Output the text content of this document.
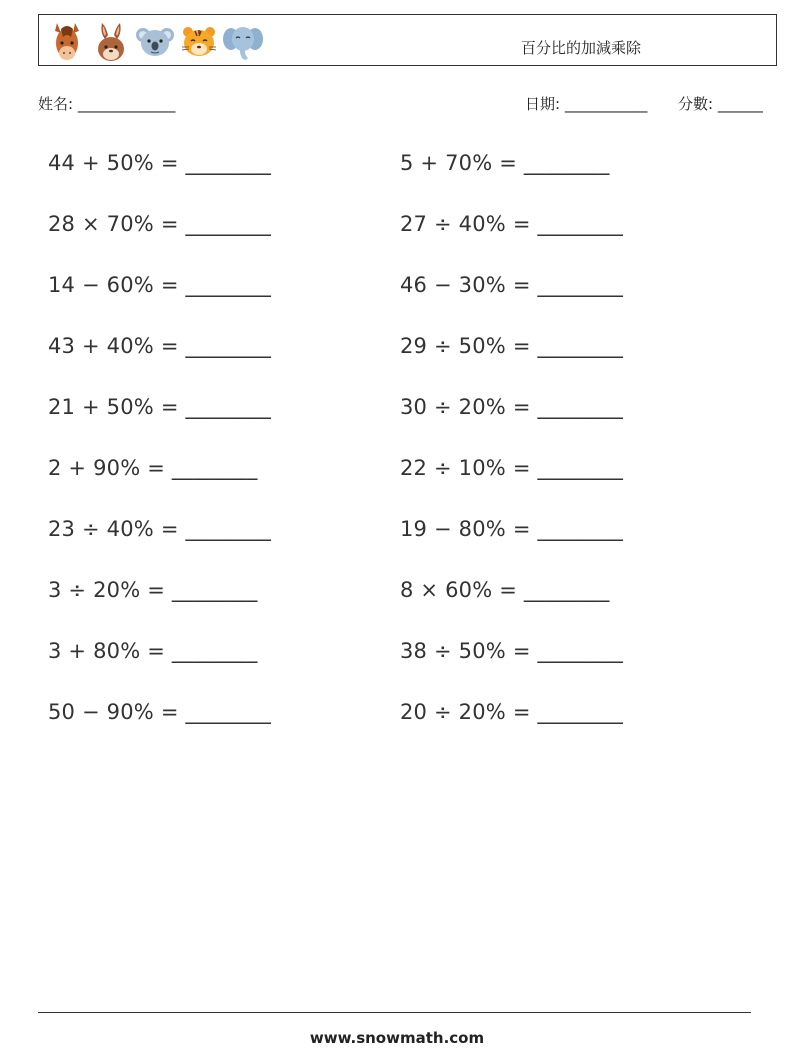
百分比的加減乘除
姓名: _____________	日期: ___________ 分數: ______
44 + 50% = ________
28 × 70% = ________
14 − 60% = ________
43 + 40% = ________
21 + 50% = ________
2 + 90% = ________
23 ÷ 40% = ________
3 ÷ 20% = ________
3 + 80% = ________
50 − 90% = ________
5 + 70% = ________
27 ÷ 40% = ________
46 − 30% = ________
29 ÷ 50% = ________
30 ÷ 20% = ________
22 ÷ 10% = ________
19 − 80% = ________
8 × 60% = ________
38 ÷ 50% = ________
20 ÷ 20% = ________
www.snowmath.com
